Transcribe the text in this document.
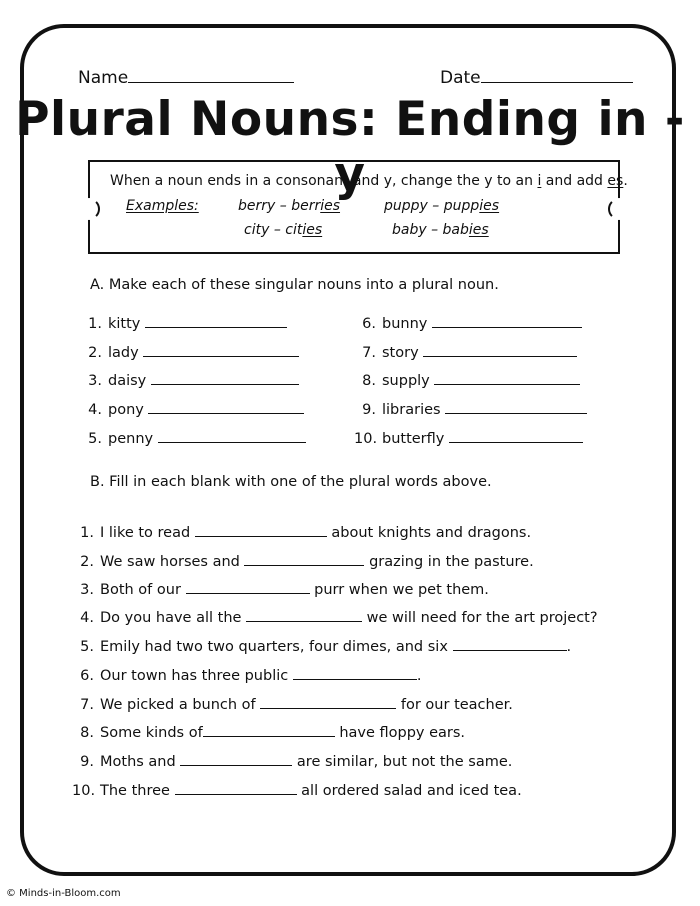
Name	Date
Plural Nouns: Ending in -y
When a noun ends in a consonant and y, change the y to an i and add es.
Examples:	berry – berries	puppy – puppies
city – cities	baby – babies
A. Make each of these singular nouns into a plural noun.
1. kitty
2. lady
3. daisy
4. pony
5. penny
6. bunny
7. story
8. supply
9. libraries
10. butterfly
B. Fill in each blank with one of the plural words above.
1. I like to read	about knights and dragons.
2. We saw horses and	grazing in the pasture.
3. Both of our	purr when we pet them.
4. Do you have all the	we will need for the art project?
5. Emily had two two quarters, four dimes, and six	.
6. Our town has three public	.
7. We picked a bunch of	for our teacher.
8. Some kinds of	have floppy ears.
9. Moths and	are similar, but not the same.
10. The three	all ordered salad and iced tea.
© Minds-in-Bloom.com
